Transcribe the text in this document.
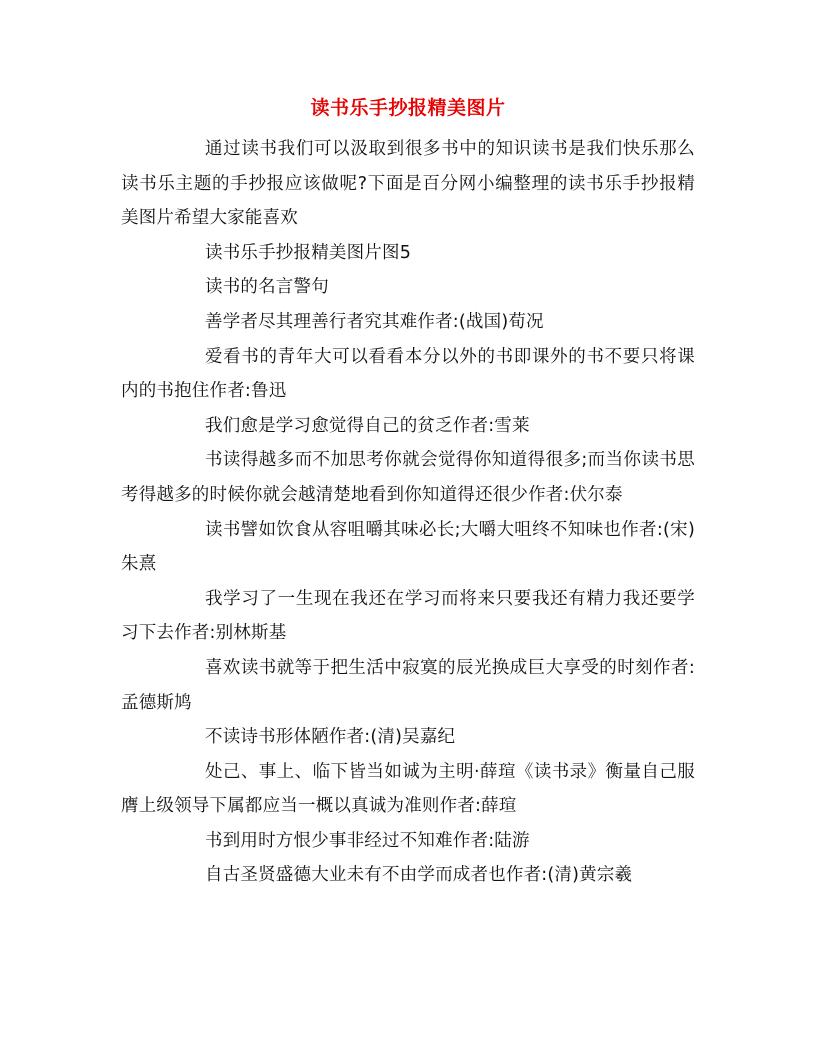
读书乐手抄报精美图片

通过读书我们可以汲取到很多书中的知识读书是我们快乐那么读书乐主题的手抄报应该做呢?下面是百分网小编整理的读书乐手抄报精美图片希望大家能喜欢

读书乐手抄报精美图片图5

读书的名言警句

善学者尽其理善行者究其难作者:(战国)荀况

爱看书的青年大可以看看本分以外的书即课外的书不要只将课内的书抱住作者:鲁迅

我们愈是学习愈觉得自己的贫乏作者:雪莱

书读得越多而不加思考你就会觉得你知道得很多;而当你读书思考得越多的时候你就会越清楚地看到你知道得还很少作者:伏尔泰

读书譬如饮食从容咀嚼其味必长;大嚼大咀终不知味也作者:(宋)朱熹

我学习了一生现在我还在学习而将来只要我还有精力我还要学习下去作者:别林斯基

喜欢读书就等于把生活中寂寞的辰光换成巨大享受的时刻作者:孟德斯鸠

不读诗书形体陋作者:(清)吴嘉纪

处己、事上、临下皆当如诚为主明·薛瑄《读书录》衡量自己服膺上级领导下属都应当一概以真诚为准则作者:薛瑄

书到用时方恨少事非经过不知难作者:陆游

自古圣贤盛德大业未有不由学而成者也作者:(清)黄宗羲
